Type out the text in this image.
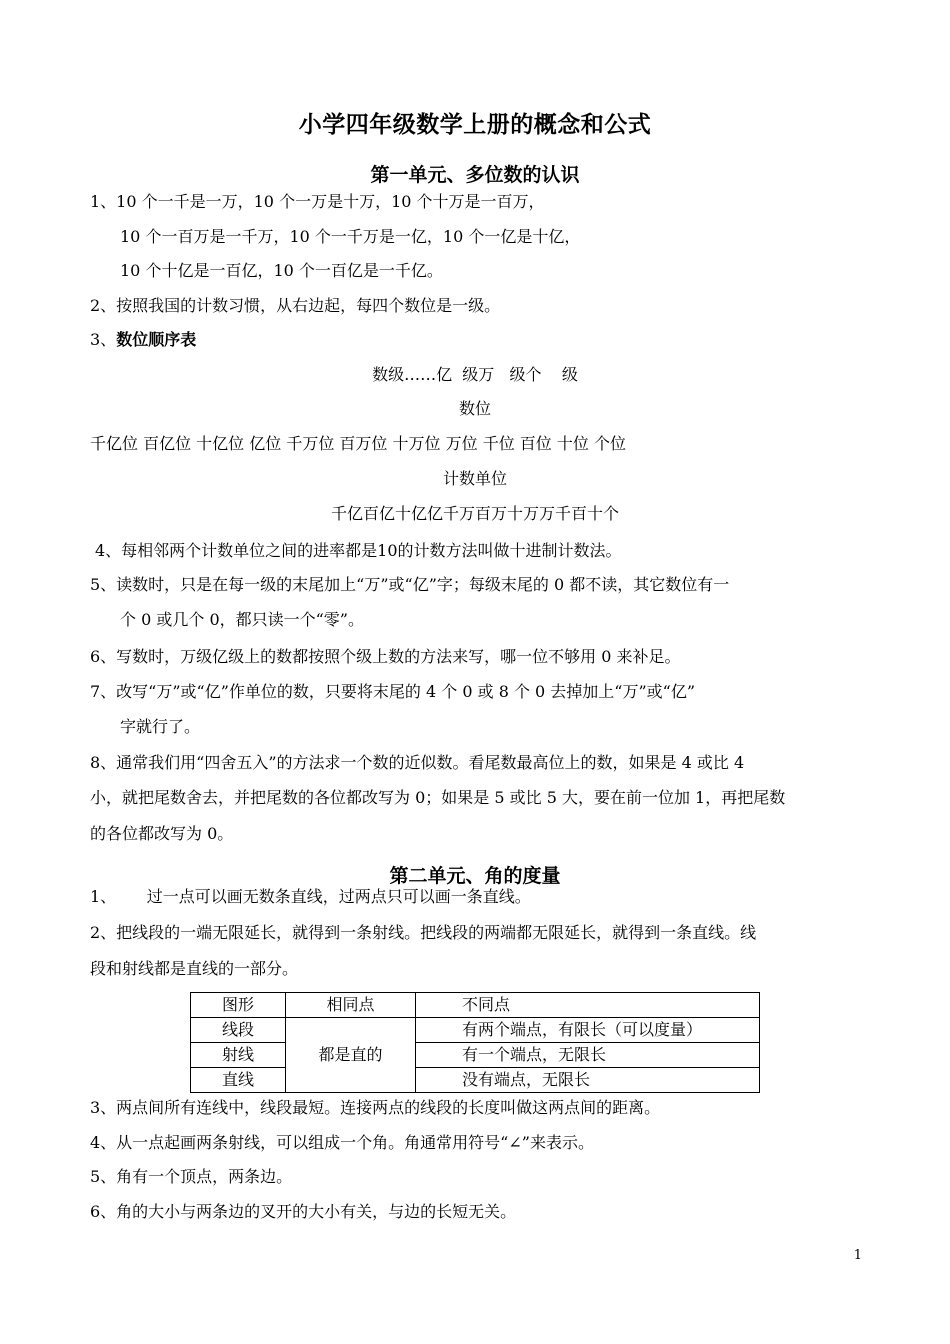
小学四年级数学上册的概念和公式
第一单元、多位数的认识
1、10 个一千是一万，10 个一万是十万，10 个十万是一百万，
10 个一百万是一千万，10 个一千万是一亿，10 个一亿是十亿，
10 个十亿是一百亿，10 个一百亿是一千亿。
2、按照我国的计数习惯，从右边起，每四个数位是一级。
3、数位顺序表
数级……亿  级万   级个    级
数位
千亿位 百亿位 十亿位 亿位 千万位 百万位 十万位 万位 千位 百位 十位 个位
计数单位
千亿百亿十亿亿千万百万十万万千百十个
4、每相邻两个计数单位之间的进率都是10的计数方法叫做十进制计数法。
5、读数时，只是在每一级的末尾加上“万”或“亿”字；每级末尾的 0 都不读，其它数位有一
个 0 或几个 0，都只读一个“零”。
6、写数时，万级亿级上的数都按照个级上数的方法来写，哪一位不够用 0 来补足。
7、改写“万”或“亿”作单位的数，只要将末尾的 4 个 0 或 8 个 0 去掉加上“万”或“亿”
字就行了。
8、通常我们用“四舍五入”的方法求一个数的近似数。看尾数最高位上的数，如果是 4 或比 4
小，就把尾数舍去，并把尾数的各位都改写为 0；如果是 5 或比 5 大，要在前一位加 1，再把尾数
的各位都改写为 0。
第二单元、角的度量
1、      过一点可以画无数条直线，过两点只可以画一条直线。
2、把线段的一端无限延长，就得到一条射线。把线段的两端都无限延长，就得到一条直线。线
段和射线都是直线的一部分。
图形	相同点	不同点
线段	都是直的	有两个端点，有限长（可以度量）
射线		有一个端点，无限长
直线		没有端点，无限长
3、两点间所有连线中，线段最短。连接两点的线段的长度叫做这两点间的距离。
4、从一点起画两条射线，可以组成一个角。角通常用符号“∠”来表示。
5、角有一个顶点，两条边。
6、角的大小与两条边的叉开的大小有关，与边的长短无关。
1
